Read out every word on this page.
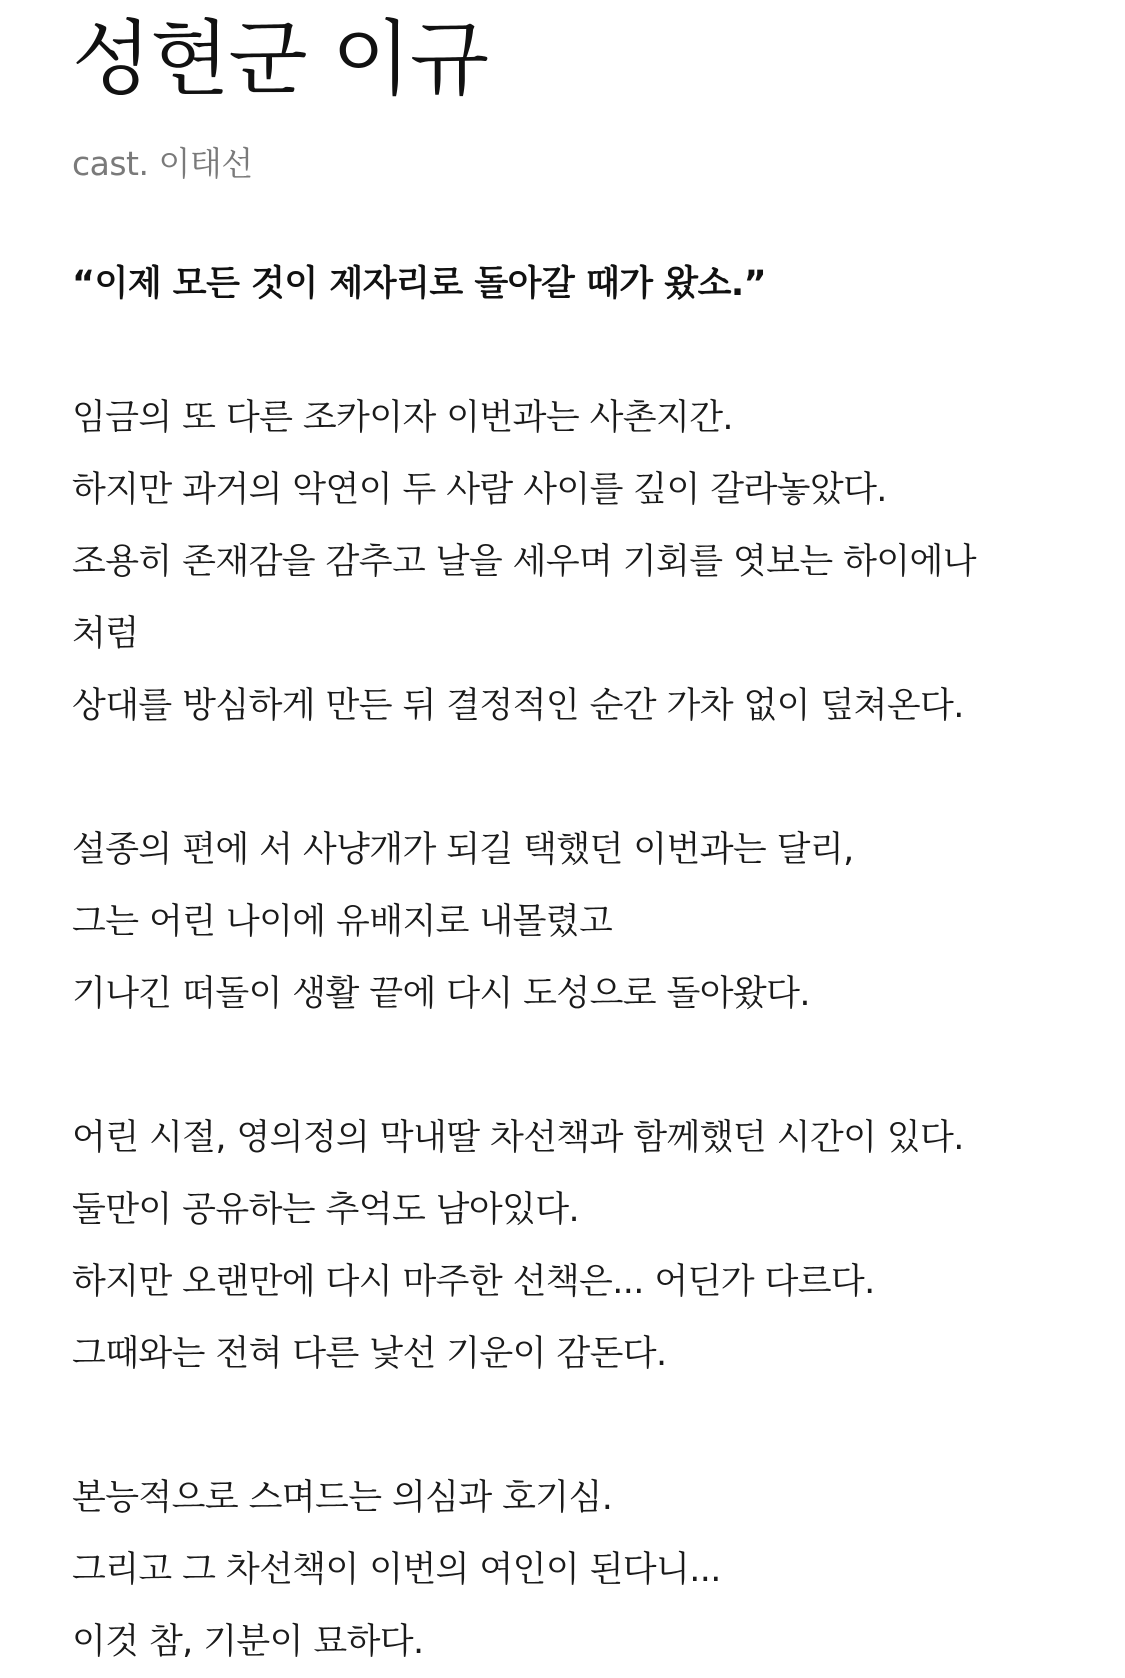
성현군 이규
cast. 이태선
“이제 모든 것이 제자리로 돌아갈 때가 왔소.”
임금의 또 다른 조카이자 이번과는 사촌지간.
하지만 과거의 악연이 두 사람 사이를 깊이 갈라놓았다.
조용히 존재감을 감추고 날을 세우며 기회를 엿보는 하이에나
처럼
상대를 방심하게 만든 뒤 결정적인 순간 가차 없이 덮쳐온다.
설종의 편에 서 사냥개가 되길 택했던 이번과는 달리,
그는 어린 나이에 유배지로 내몰렸고
기나긴 떠돌이 생활 끝에 다시 도성으로 돌아왔다.
어린 시절, 영의정의 막내딸 차선책과 함께했던 시간이 있다.
둘만이 공유하는 추억도 남아있다.
하지만 오랜만에 다시 마주한 선책은... 어딘가 다르다.
그때와는 전혀 다른 낯선 기운이 감돈다.
본능적으로 스며드는 의심과 호기심.
그리고 그 차선책이 이번의 여인이 된다니...
이것 참, 기분이 묘하다.
